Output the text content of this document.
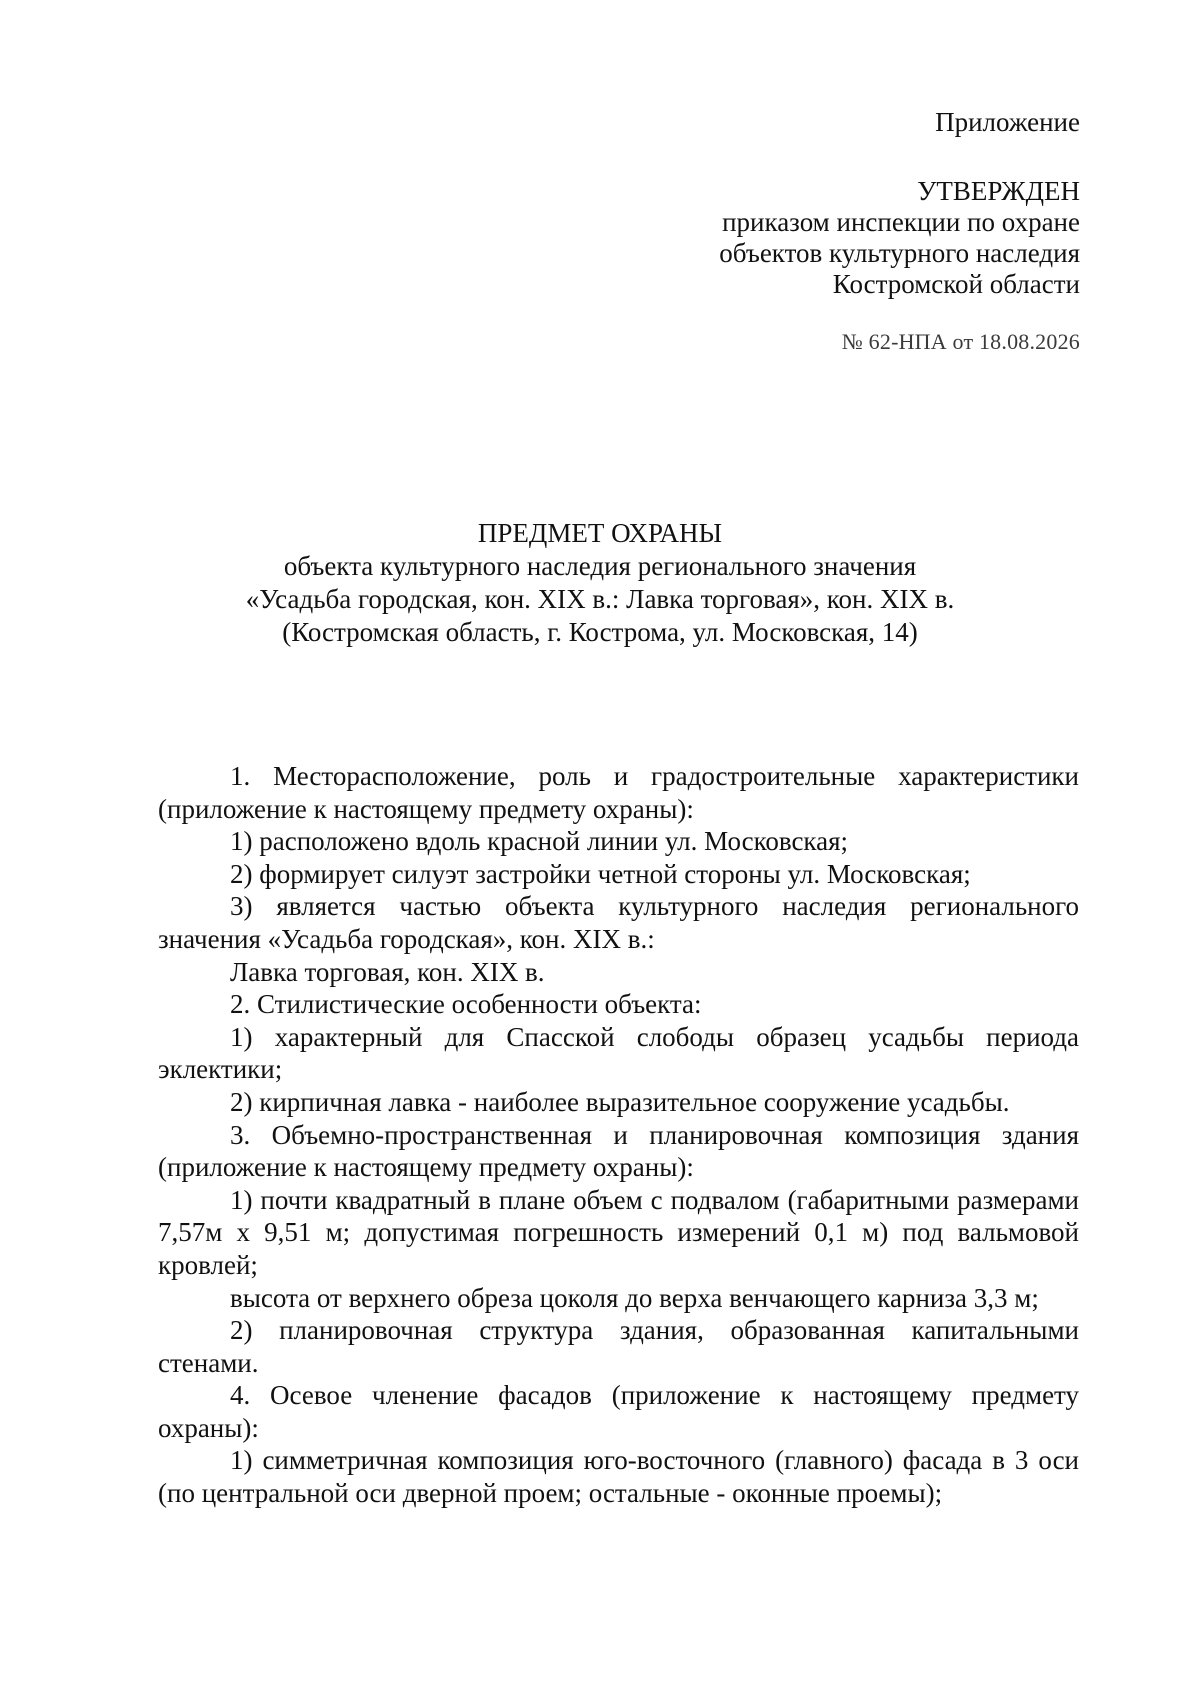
Приложение

УТВЕРЖДЕН

приказом инспекции по охране

объектов культурного наследия

Костромской области

№ 62-НПА от 18.08.2026

ПРЕДМЕТ ОХРАНЫ

объекта культурного наследия регионального значения

«Усадьба городская, кон. XIX в.: Лавка торговая», кон. XIX в.

(Костромская область, г. Кострома, ул. Московская, 14)

1. Месторасположение, роль и градостроительные характеристики (приложение к настоящему предмету охраны):

1) расположено вдоль красной линии ул. Московская;

2) формирует силуэт застройки четной стороны ул. Московская;

3) является частью объекта культурного наследия регионального значения «Усадьба городская», кон. XIX в.:

Лавка торговая, кон. XIX в.

2. Стилистические особенности объекта:

1) характерный для Спасской слободы образец усадьбы периода эклектики;

2) кирпичная лавка - наиболее выразительное сооружение усадьбы.

3. Объемно-пространственная и планировочная композиция здания (приложение к настоящему предмету охраны):

1) почти квадратный в плане объем с подвалом (габаритными размерами 7,57м х 9,51 м; допустимая погрешность измерений 0,1 м) под вальмовой кровлей;

высота от верхнего обреза цоколя до верха венчающего карниза 3,3 м;

2) планировочная структура здания, образованная капитальными стенами.

4. Осевое членение фасадов (приложение к настоящему предмету охраны):

1) симметричная композиция юго-восточного (главного) фасада в 3 оси (по центральной оси дверной проем; остальные - оконные проемы);
